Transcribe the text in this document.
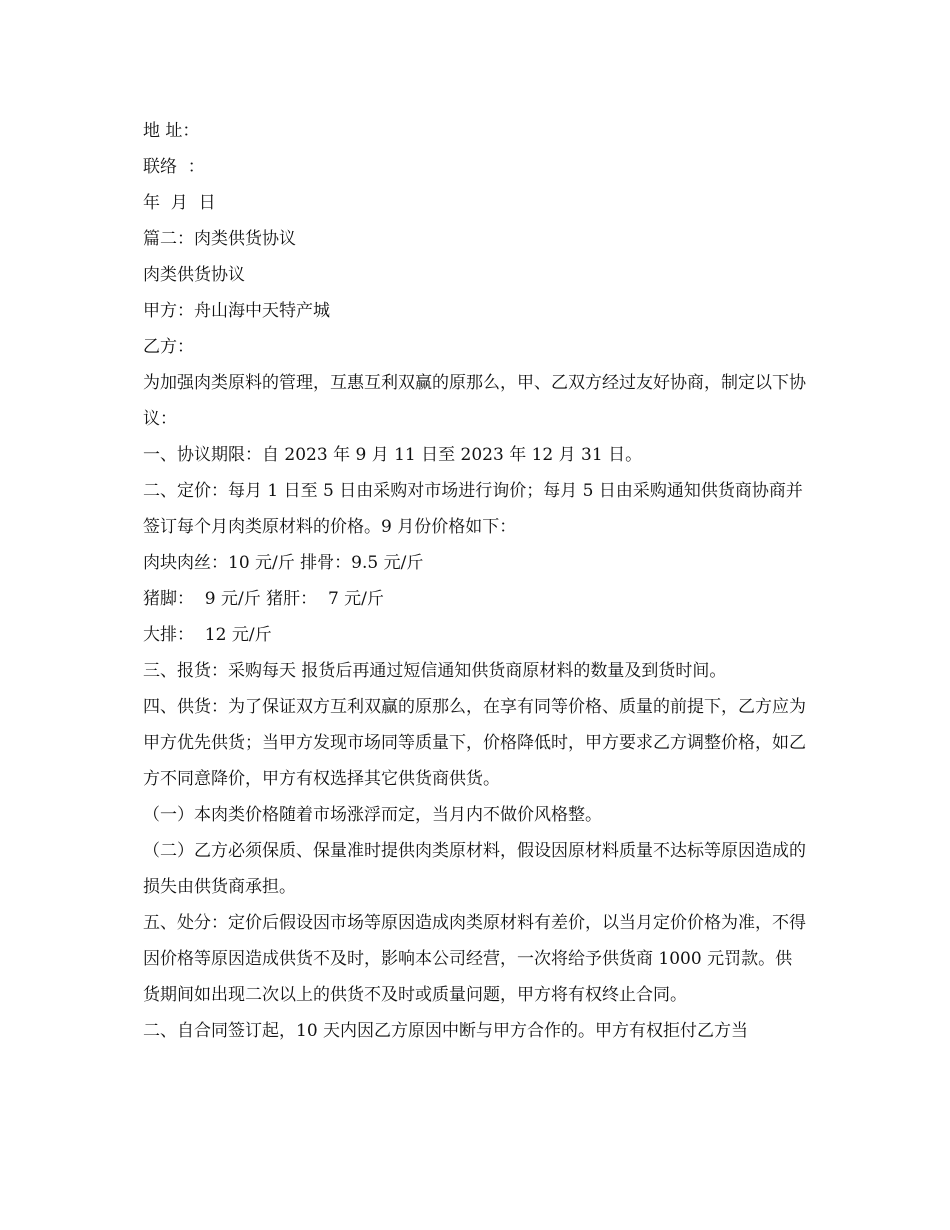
地 址：
联络  ：
年  月  日
篇二：肉类供货协议
肉类供货协议
甲方：舟山海中天特产城
乙方：
为加强肉类原料的管理，互惠互利双赢的原那么，甲、乙双方经过友好协商，制定以下协议：
一、协议期限：自 2023 年 9 月 11 日至 2023 年 12 月 31 日。
二、定价：每月 1 日至 5 日由采购对市场进行询价；每月 5 日由采购通知供货商协商并签订每个月肉类原材料的价格。9 月份价格如下：
肉块肉丝：10 元/斤 排骨：9.5 元/斤
猪脚：  9 元/斤 猪肝：  7 元/斤
大排：  12 元/斤
三、报货：采购每天 报货后再通过短信通知供货商原材料的数量及到货时间。
四、供货：为了保证双方互利双赢的原那么，在享有同等价格、质量的前提下，乙方应为甲方优先供货；当甲方发现市场同等质量下，价格降低时，甲方要求乙方调整价格，如乙方不同意降价，甲方有权选择其它供货商供货。
（一）本肉类价格随着市场涨浮而定，当月内不做价风格整。
（二）乙方必须保质、保量准时提供肉类原材料，假设因原材料质量不达标等原因造成的损失由供货商承担。
五、处分：定价后假设因市场等原因造成肉类原材料有差价，以当月定价价格为准，不得因价格等原因造成供货不及时，影响本公司经营，一次将给予供货商 1000 元罚款。供货期间如出现二次以上的供货不及时或质量问题，甲方将有权终止合同。
二、自合同签订起，10 天内因乙方原因中断与甲方合作的。甲方有权拒付乙方当
